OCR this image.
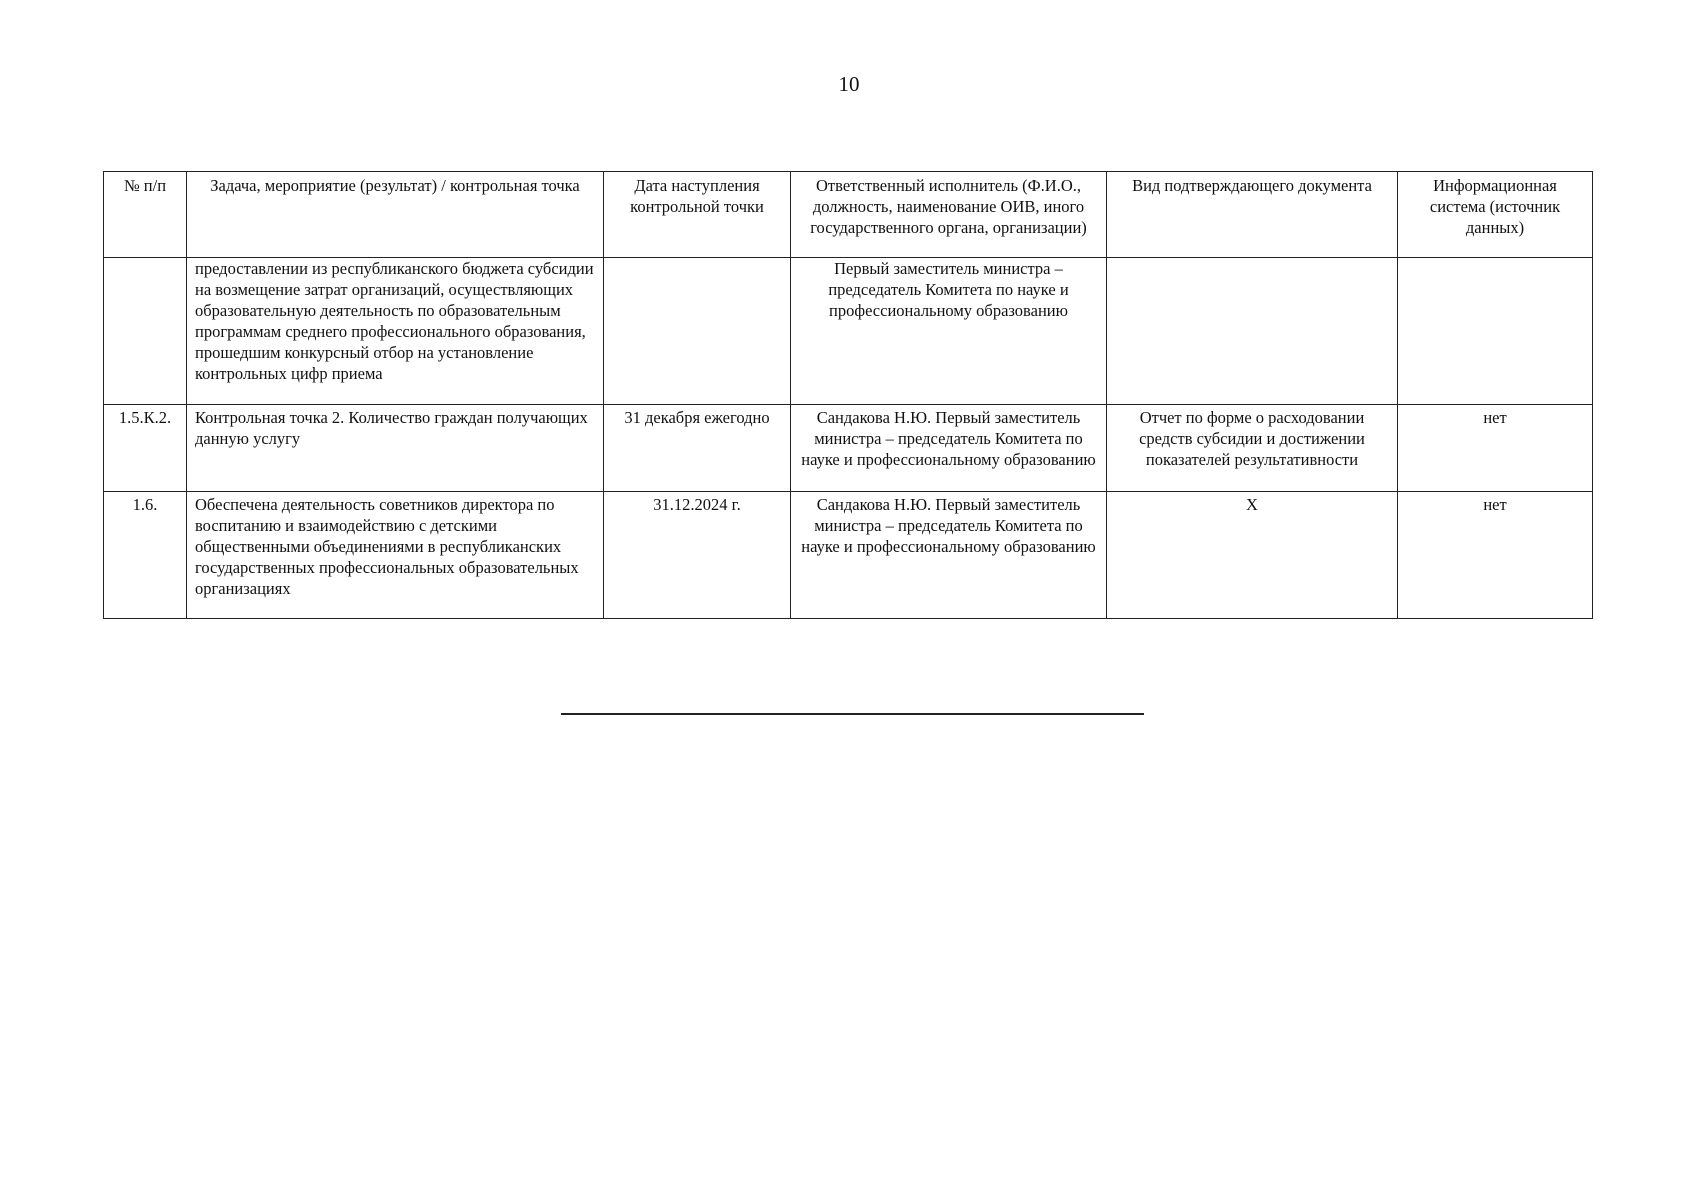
10
№ п/п	Задача, мероприятие (результат) / контрольная точка	Дата наступления контрольной точки	Ответственный исполнитель (Ф.И.О., должность, наименование ОИВ, иного государственного органа, организации)	Вид подтверждающего документа	Информационная система (источник данных)
	предоставлении из республиканского бюджета субсидии на возмещение затрат организаций, осуществляющих образовательную деятельность по образовательным программам среднего профессионального образования, прошедшим конкурсный отбор на установление контрольных цифр приема		Первый заместитель министра – председатель Комитета по науке и профессиональному образованию		
1.5.К.2.	Контрольная точка 2. Количество граждан получающих данную услугу	31 декабря ежегодно	Сандакова Н.Ю. Первый заместитель министра – председатель Комитета по науке и профессиональному образованию	Отчет по форме о расходовании средств субсидии и достижении показателей результативности	нет
1.6.	Обеспечена деятельность советников директора по воспитанию и взаимодействию с детскими общественными объединениями в республиканских государственных профессиональных образовательных организациях	31.12.2024 г.	Сандакова Н.Ю. Первый заместитель министра – председатель Комитета по науке и профессиональному образованию	Х	нет
